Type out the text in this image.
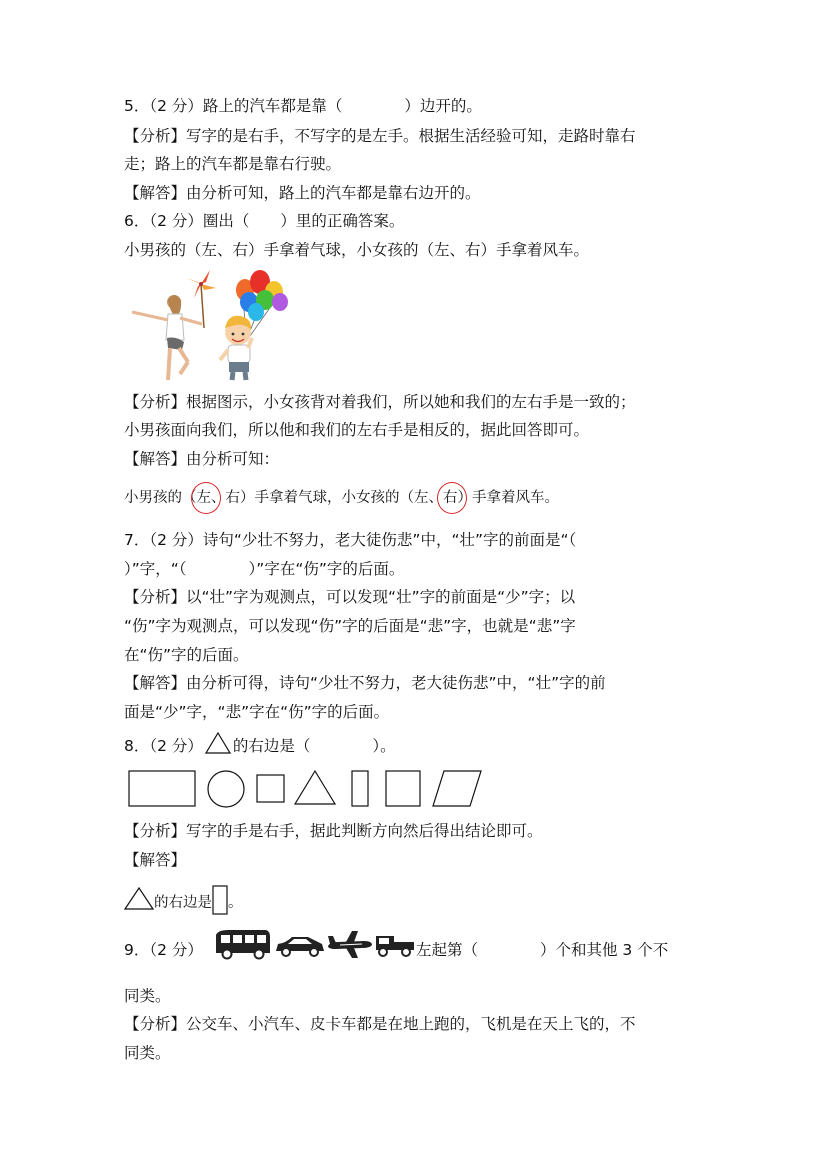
5．（2 分）路上的汽车都是靠（　　　　）边开的。
【分析】写字的是右手，不写字的是左手。根据生活经验可知，走路时靠右
走；路上的汽车都是靠右行驶。
【解答】由分析可知，路上的汽车都是靠右边开的。
6．（2 分）圈出（　　）里的正确答案。
小男孩的（左、右）手拿着气球，小女孩的（左、右）手拿着风车。
【分析】根据图示，小女孩背对着我们，所以她和我们的左右手是一致的；
小男孩面向我们，所以他和我们的左右手是相反的，据此回答即可。
【解答】由分析可知：
小男孩的（左、右）手拿着气球，小女孩的（左、右）手拿着风车。
7．（2 分）诗句“少壮不努力，老大徒伤悲”中，“壮”字的前面是“（
）”字，“（　　　　）”字在“伤”字的后面。
【分析】以“壮”字为观测点，可以发现“壮”字的前面是“少”字；以
“伤”字为观测点，可以发现“伤”字的后面是“悲”字，也就是“悲”字
在“伤”字的后面。
【解答】由分析可得，诗句“少壮不努力，老大徒伤悲”中，“壮”字的前
面是“少”字，“悲”字在“伤”字的后面。
8．（2 分） 的右边是（　　　　）。
【分析】写字的手是右手，据此判断方向然后得出结论即可。
【解答】
的右边是 。
9．（2 分）	左起第（　　　　）个和其他 3 个不
同类。
【分析】公交车、小汽车、皮卡车都是在地上跑的，飞机是在天上飞的，不
同类。
